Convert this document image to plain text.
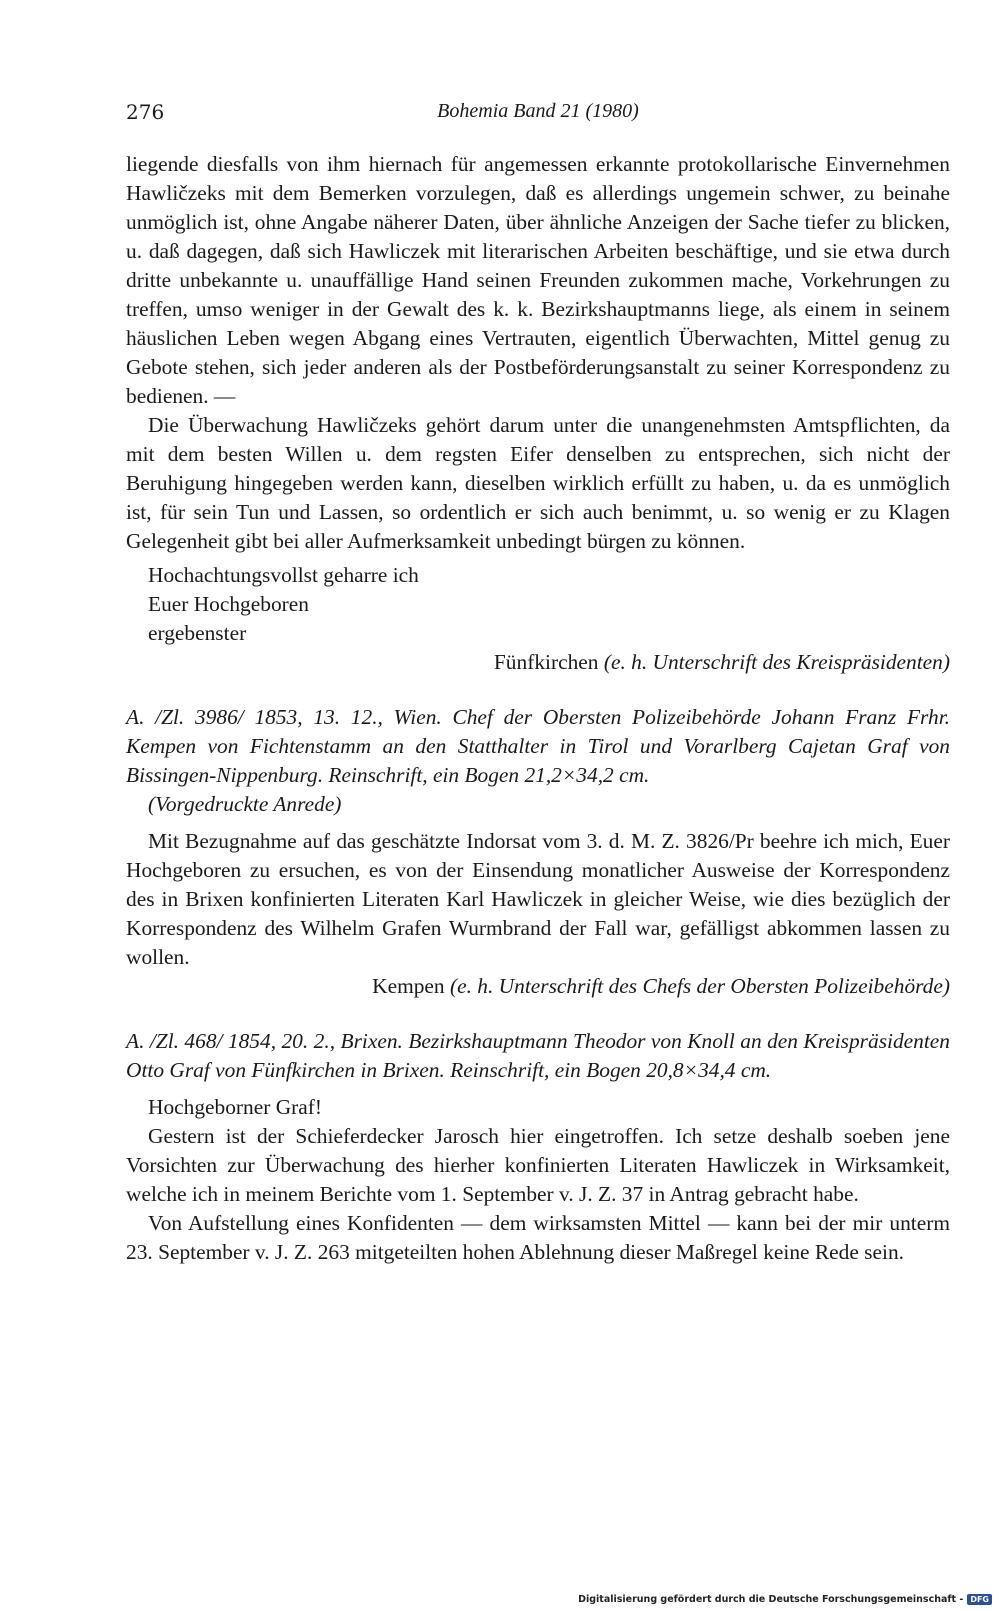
276	Bohemia Band 21 (1980)

liegende diesfalls von ihm hiernach für angemessen erkannte protokollarische Einvernehmen Hawličzeks mit dem Bemerken vorzulegen, daß es allerdings ungemein schwer, zu beinahe unmöglich ist, ohne Angabe näherer Daten, über ähnliche Anzeigen der Sache tiefer zu blicken, u. daß dagegen, daß sich Hawliczek mit literarischen Arbeiten beschäftige, und sie etwa durch dritte unbekannte u. unauffällige Hand seinen Freunden zukommen mache, Vorkehrungen zu treffen, umso weniger in der Gewalt des k. k. Bezirkshauptmanns liege, als einem in seinem häuslichen Leben wegen Abgang eines Vertrauten, eigentlich Überwachten, Mittel genug zu Gebote stehen, sich jeder anderen als der Postbeförderungsanstalt zu seiner Korrespondenz zu bedienen. —

Die Überwachung Hawličzeks gehört darum unter die unangenehmsten Amtspflichten, da mit dem besten Willen u. dem regsten Eifer denselben zu entsprechen, sich nicht der Beruhigung hingegeben werden kann, dieselben wirklich erfüllt zu haben, u. da es unmöglich ist, für sein Tun und Lassen, so ordentlich er sich auch benimmt, u. so wenig er zu Klagen Gelegenheit gibt bei aller Aufmerksamkeit unbedingt bürgen zu können.

Hochachtungsvollst geharre ich
Euer Hochgeboren
ergebenster

Fünfkirchen (e. h. Unterschrift des Kreispräsidenten)

A. /Zl. 3986/ 1853, 13. 12., Wien. Chef der Obersten Polizeibehörde Johann Franz Frhr. Kempen von Fichtenstamm an den Statthalter in Tirol und Vorarlberg Cajetan Graf von Bissingen-Nippenburg. Reinschrift, ein Bogen 21,2×34,2 cm.

(Vorgedruckte Anrede)

Mit Bezugnahme auf das geschätzte Indorsat vom 3. d. M. Z. 3826/Pr beehre ich mich, Euer Hochgeboren zu ersuchen, es von der Einsendung monatlicher Ausweise der Korrespondenz des in Brixen konfinierten Literaten Karl Hawliczek in gleicher Weise, wie dies bezüglich der Korrespondenz des Wilhelm Grafen Wurmbrand der Fall war, gefälligst abkommen lassen zu wollen.

Kempen (e. h. Unterschrift des Chefs der Obersten Polizeibehörde)

A. /Zl. 468/ 1854, 20. 2., Brixen. Bezirkshauptmann Theodor von Knoll an den Kreispräsidenten Otto Graf von Fünfkirchen in Brixen. Reinschrift, ein Bogen 20,8×34,4 cm.

Hochgeborner Graf!

Gestern ist der Schieferdecker Jarosch hier eingetroffen. Ich setze deshalb soeben jene Vorsichten zur Überwachung des hierher konfinierten Literaten Hawliczek in Wirksamkeit, welche ich in meinem Berichte vom 1. September v. J. Z. 37 in Antrag gebracht habe.

Von Aufstellung eines Konfidenten — dem wirksamsten Mittel — kann bei der mir unterm 23. September v. J. Z. 263 mitgeteilten hohen Ablehnung dieser Maßregel keine Rede sein.

Digitalisierung gefördert durch die Deutsche Forschungsgemeinschaft - DFG
